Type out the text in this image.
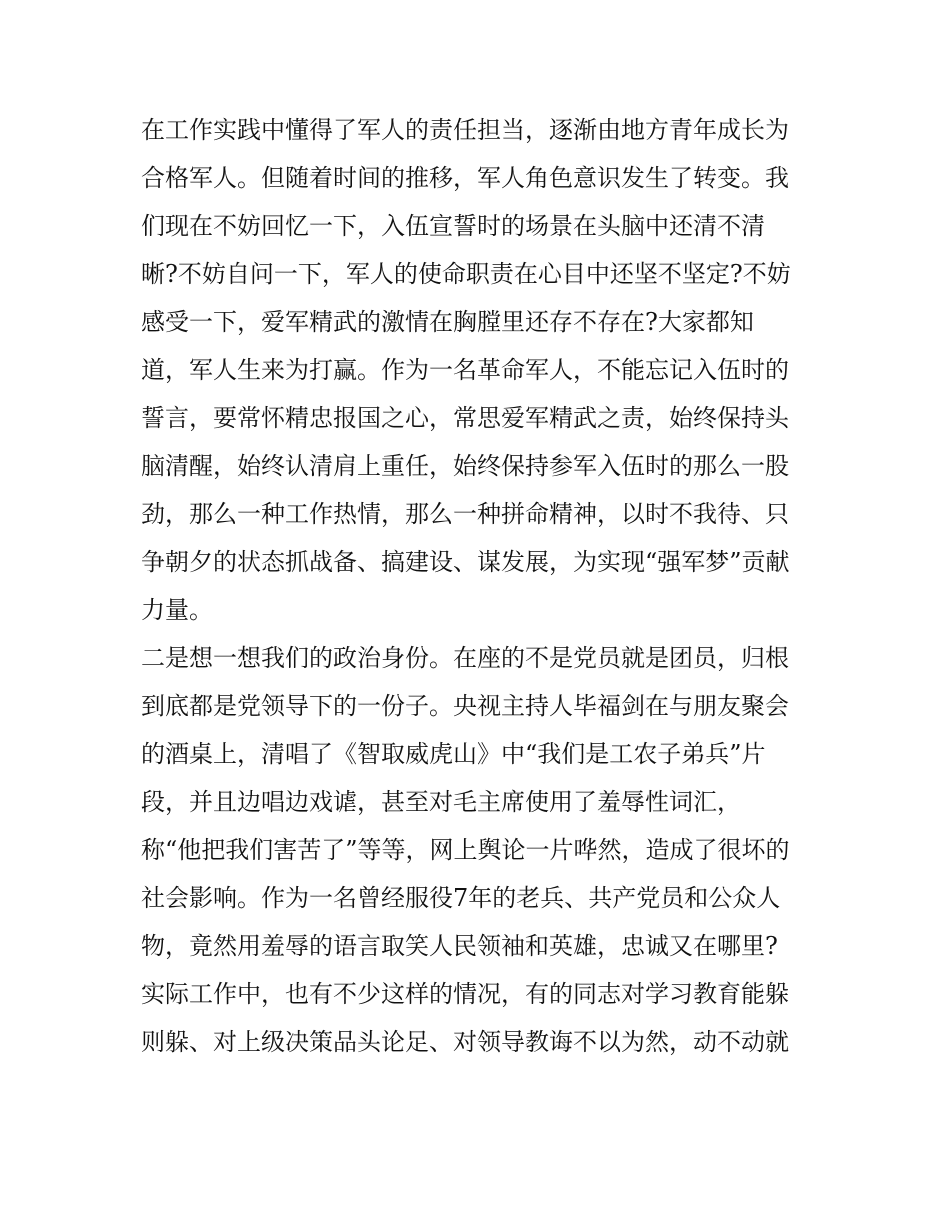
在工作实践中懂得了军人的责任担当，逐渐由地方青年成长为
合格军人。但随着时间的推移，军人角色意识发生了转变。我
们现在不妨回忆一下，入伍宣誓时的场景在头脑中还清不清
晰?不妨自问一下，军人的使命职责在心目中还坚不坚定?不妨
感受一下，爱军精武的激情在胸膛里还存不存在?大家都知
道，军人生来为打赢。作为一名革命军人，不能忘记入伍时的
誓言，要常怀精忠报国之心，常思爱军精武之责，始终保持头
脑清醒，始终认清肩上重任，始终保持参军入伍时的那么一股
劲，那么一种工作热情，那么一种拼命精神，以时不我待、只
争朝夕的状态抓战备、搞建设、谋发展，为实现“强军梦”贡献
力量。
二是想一想我们的政治身份。在座的不是党员就是团员，归根
到底都是党领导下的一份子。央视主持人毕福剑在与朋友聚会
的酒桌上，清唱了《智取威虎山》中“我们是工农子弟兵”片
段，并且边唱边戏谑，甚至对毛主席使用了羞辱性词汇，
称“他把我们害苦了”等等，网上舆论一片哗然，造成了很坏的
社会影响。作为一名曾经服役7年的老兵、共产党员和公众人
物，竟然用羞辱的语言取笑人民领袖和英雄，忠诚又在哪里?
实际工作中，也有不少这样的情况，有的同志对学习教育能躲
则躲、对上级决策品头论足、对领导教诲不以为然，动不动就
